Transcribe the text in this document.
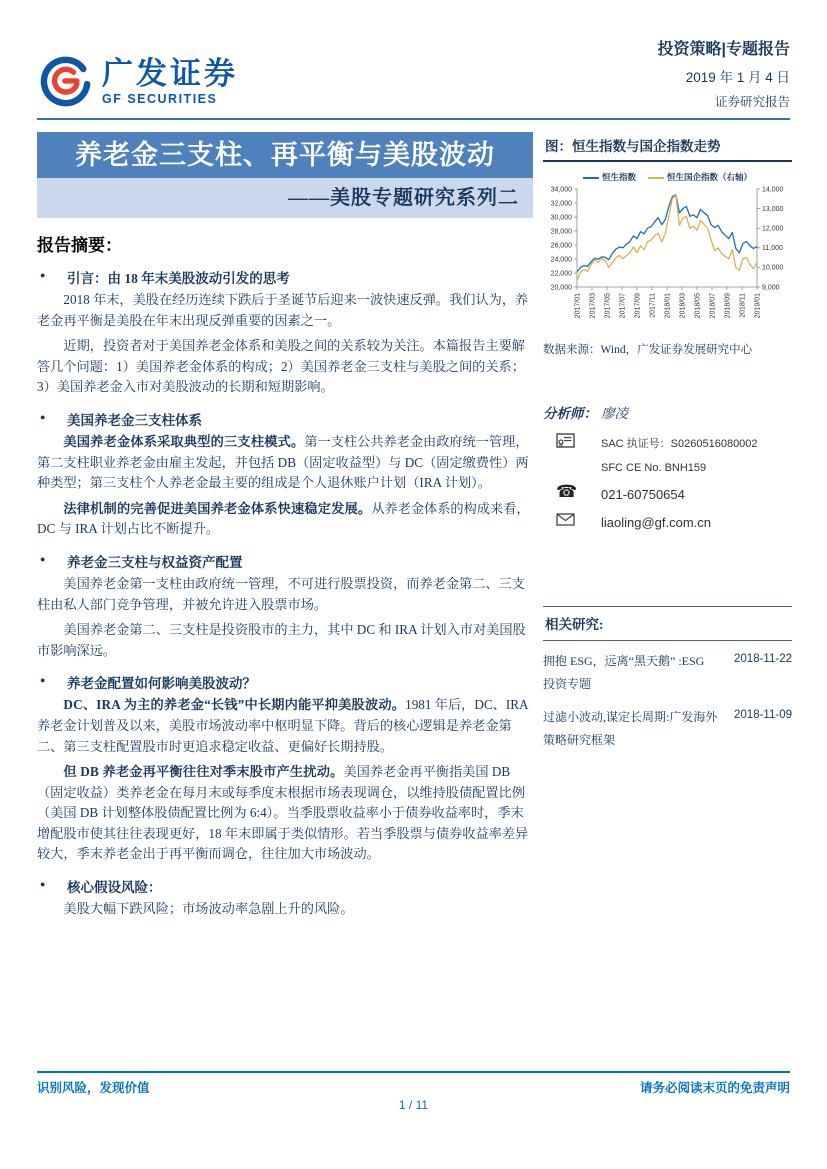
广发证券
GF SECURITIES
投资策略|专题报告
2019 年 1 月 4 日
证券研究报告
养老金三支柱、再平衡与美股波动
——美股专题研究系列二
报告摘要：
●	引言：由 18 年末美股波动引发的思考

2018 年末，美股在经历连续下跌后于圣诞节后迎来一波快速反弹。我们认为，养老金再平衡是美股在年末出现反弹重要的因素之一。

近期，投资者对于美国养老金体系和美股之间的关系较为关注。本篇报告主要解答几个问题：1）美国养老金体系的构成；2）美国养老金三支柱与美股之间的关系；3）美国养老金入市对美股波动的长期和短期影响。

●	美国养老金三支柱体系

美国养老金体系采取典型的三支柱模式。第一支柱公共养老金由政府统一管理，第二支柱职业养老金由雇主发起，并包括 DB（固定收益型）与 DC（固定缴费性）两种类型；第三支柱个人养老金最主要的组成是个人退休账户计划（IRA 计划）。

法律机制的完善促进美国养老金体系快速稳定发展。从养老金体系的构成来看，DC 与 IRA 计划占比不断提升。

●	养老金三支柱与权益资产配置

美国养老金第一支柱由政府统一管理，不可进行股票投资，而养老金第二、三支柱由私人部门竞争管理，并被允许进入股票市场。

美国养老金第二、三支柱是投资股市的主力，其中 DC 和 IRA 计划入市对美国股市影响深远。

●	养老金配置如何影响美股波动？

DC、IRA 为主的养老金“长钱”中长期内能平抑美股波动。1981 年后，DC、IRA 养老金计划普及以来，美股市场波动率中枢明显下降。背后的核心逻辑是养老金第二、第三支柱配置股市时更追求稳定收益、更偏好长期持股。

但 DB 养老金再平衡往往对季末股市产生扰动。美国养老金再平衡指美国 DB（固定收益）类养老金在每月末或每季度末根据市场表现调仓，以维持股债配置比例（美国 DB 计划整体股债配置比例为 6:4）。当季股票收益率小于债券收益率时，季末增配股市使其往往表现更好，18 年末即属于类似情形。若当季股票与债券收益率差异较大，季末养老金出于再平衡而调仓，往往加大市场波动。

●	核心假设风险：

美股大幅下跌风险；市场波动率急剧上升的风险。

图：恒生指数与国企指数走势
恒生指数	恒生国企指数（右轴）
20,000
22,000
24,000
26,000
28,000
30,000
32,000
34,000
9,000
10,000
11,000
12,000
13,000
14,000
2017/01 2017/03 2017/05 2017/07 2017/09 2017/11 2018/01 2018/03 2018/05 2018/07 2018/09 2018/11 2019/01
数据来源：Wind，广发证券发展研究中心
分析师： 廖凌
SAC 执证号：S0260516080002
SFC CE No. BNH159
☎	021-60750654
liaoling@gf.com.cn
相关研究:
拥抱 ESG，远离“黑天鹅” :ESG 投资专题
2018-11-22
过滤小波动,谋定长周期:广发海外策略研究框架
2018-11-09
识别风险，发现价值	请务必阅读末页的免责声明
1 / 11
